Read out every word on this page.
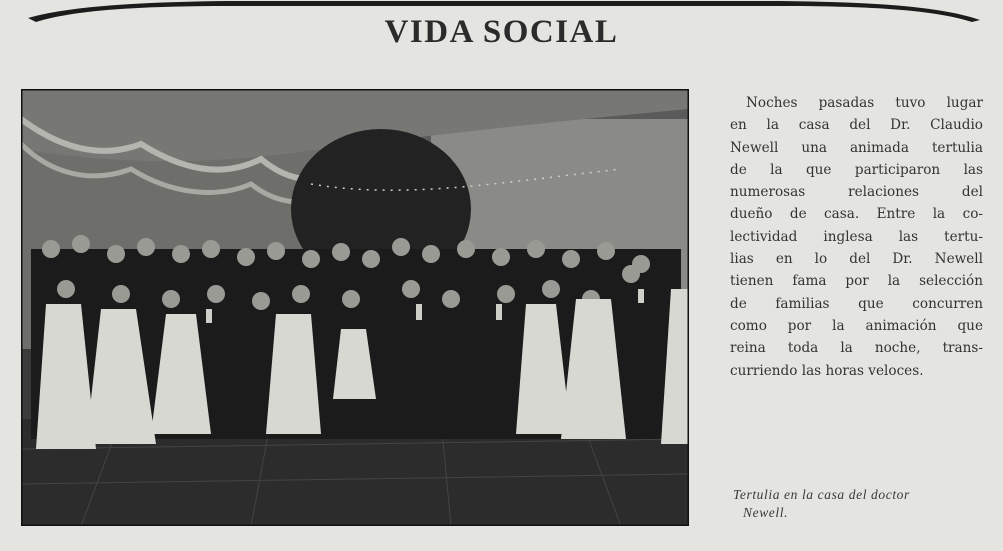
VIDA SOCIAL
Noches pasadas tuvo lugar
en la casa del Dr. Claudio
Newell una animada tertulia
de la que participaron las
numerosas relaciones del
dueño de casa. Entre la co-
lectividad inglesa las tertu-
lias en lo del Dr. Newell
tienen fama por la selección
de familias que concurren
como por la animación que
reina toda la noche, trans-
curriendo las horas veloces.
Tertulia en la casa del doctor
Newell.
